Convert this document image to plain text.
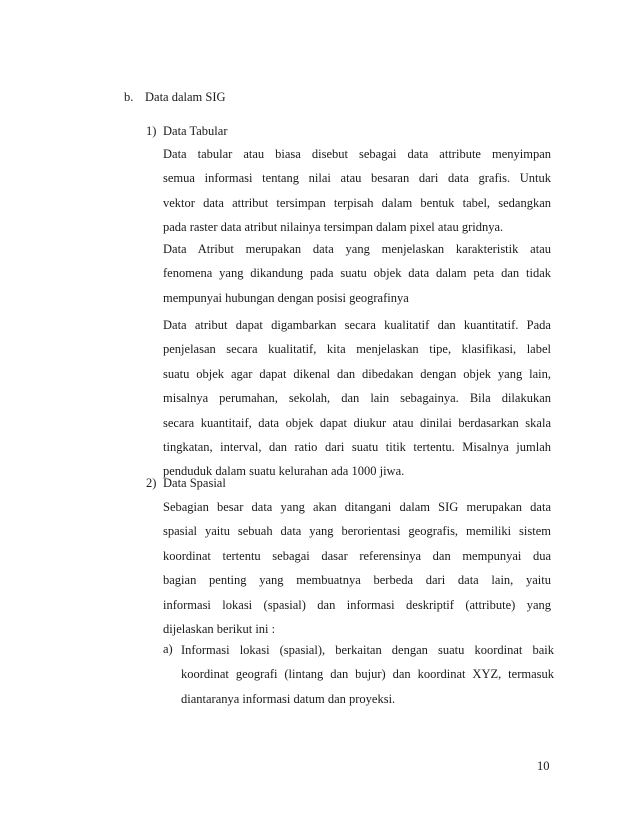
b. Data dalam SIG
1) Data Tabular
Data tabular atau biasa disebut sebagai data attribute menyimpan
semua informasi tentang nilai atau besaran dari data grafis. Untuk
vektor data attribut tersimpan terpisah dalam bentuk tabel, sedangkan
pada raster data atribut nilainya tersimpan dalam pixel atau gridnya.
Data Atribut merupakan data yang menjelaskan karakteristik atau
fenomena yang dikandung pada suatu objek data dalam peta dan tidak
mempunyai hubungan dengan posisi geografinya
Data atribut dapat digambarkan secara kualitatif dan kuantitatif. Pada
penjelasan secara kualitatif, kita menjelaskan tipe, klasifikasi, label
suatu objek agar dapat dikenal dan dibedakan dengan objek yang lain,
misalnya perumahan, sekolah, dan lain sebagainya. Bila dilakukan
secara kuantitaif, data objek dapat diukur atau dinilai berdasarkan skala
tingkatan, interval, dan ratio dari suatu titik tertentu. Misalnya jumlah
penduduk dalam suatu kelurahan ada 1000 jiwa.
2) Data Spasial
Sebagian besar data yang akan ditangani dalam SIG merupakan data
spasial yaitu sebuah data yang berorientasi geografis, memiliki sistem
koordinat tertentu sebagai dasar referensinya dan mempunyai dua
bagian penting yang membuatnya berbeda dari data lain, yaitu
informasi lokasi (spasial) dan informasi deskriptif (attribute) yang
dijelaskan berikut ini :
a) Informasi lokasi (spasial), berkaitan dengan suatu koordinat baik
koordinat geografi (lintang dan bujur) dan koordinat XYZ, termasuk
diantaranya informasi datum dan proyeksi.
10
